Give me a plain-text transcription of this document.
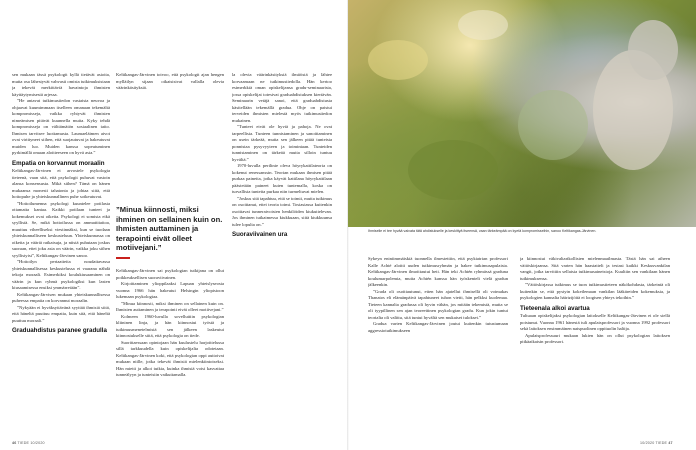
sen mukaan tässä psykologit kyllä tietävät asioita, mutta osa lähestyvät vahvasti omista tutkimuksistaan ja tekevät merkittäviä havaintoja ihmisten käyttäytymisestä arjessa.

”He antavat tutkimustiedon vastaista neuvoa ja ohjaavat kuumimmaan itselleen omanaan tekemältä kompromisseja, vaikka ryhtyvät ihmisten nimeämisen pitävät kuunnella muita. Kyky tehdä kompromisseja on välttämätön sosiaalinen taito. Ihmisen tarvitsee luottamusta. Laumaeläimen aivot ovat virittyneet siihen, että suojautuvat ja hakeutuvat muiden luo. Muiden kanssa sopeutuminen pyrkimällä omaan aloitteeseen on hyvä asia.”

Empatia on korvannut moraalin

Keltikangas-Järvinen ei arvostele psykologia tieteenä, vaan sitä, että psykologit puhuvat vastoin alansa konsensusta. Mikä siihen? Tämä on hänen mukaansa monesti tahatonta ja johtaa siitä, että hottopuhe ja yhteiskunnallinen puhe sotkeutuvat.

”Hottoilumenna psykologi kuuntelee potilasta ottamatta kantaa. Kaikki potilaan tunteet ja kokemukset ovat oikeita. Psykologi ei somista eikä syyllistä. Se, mikä hottoilussa on ammattitaitoa, muuttuu viheelliseksi viestinnäksi, kun se tuodaan yhteiskunnalliseen keskusteluun. Yhteiskunnassa on oikeita ja vääriä ratkaisuja, ja niistä puhutaan joskus suoraan, ettei joku asia on väärin, vaikka joku siihen syyllistyisi”, Keltikangas-Järvinen sanoo.

”Hottoilyn periaatteita noudattavassa yhteiskunnallisessa keskustelussa ei vaarana nähdä tekoja moraali. Esimerkiksi koulukiusaaminen on väärin ja kun ryhmä psykologiksi kun lasten kiusaamisessa ensiksi ymmärretään”.

Keltikangas-Järvisen mukaan yhteiskunnallisessa puheessa empatia on korvannut moraalin.

”Nykyään ei hyväksyttävänä syyttää ihmisiä siitä, että häneltä puuttuu empatia, kuin sitä, että häneltä puuttuu moraali.”

Graduahdistus paranee gradulla

la olevia väärinkäsityksiä ilmiöistä ja lähtee korvaamaan ne tutkimustiedolla. Hän kertoo esimerkkiä oman opiskelijansa gradu-seminaarista, jossa opiskelijat totesivat graduahdistuksen kiertävän. Seminaarin vetäjä sanoi, että graduahdistusta käsitellään tekemällä gradua. Ohje on paistui terveiden ihmisten mielestä myös tutkimustiedon mukainen.

”Tunteet eivät ole hyviä ja pahoja. Ne ovat tarpeellisia. Tunteen tunnistaminen ja sanoittaminen on usein tärkeää, mutta sen jälkeen pitää tunteista ponnistaa pysyvyyteen ja toimintaan. Tunteiden tunnistaminen on tärkeää mutta silloin tuntuu hyvältä.”

1970-luvulla perilinie oleva höyrykattilateoria on kokenut renessanssin. Teorian mukaan ihmisen pitää purkaa paineita, jotka käyvät kattilana höyrykattilaan päästetään paineet kuten tuntemalla, koska on turvallista tunteita purkaa niin turmeltuvat mielen.

”Joskus sitä tapahtuu, että se toimii, mutta tutkimus on osoittanut, ettei teoria toimi. Tosiasiassa kuitenkin osoittavat tunneraivoisten henkilöiden kiukuttelevan. Jos ihminen tutkaimessa kiukkuaan, siitä kiukkuunsa tulee lopulta on.”

Suoraviivainen ura

Keltikangas-Järvinen toivoo, että psykologit ajan hengen mylläilyn sijaan oikaisisivat vallalla olevia väärinkäsityksiä.

”Minua kiinnosti, miksi ihminen on sellainen kuin on. Ihmisten auttaminen ja terapointi eivät olleet motiivejani.”

Keltikangas-Järvinen sai psykologian tutkijana on ollut poikkeuksellisen suoraviivainen.

Kirjoittaminen ylioppilaaksi Lapuan yhteislyseosta vuonna 1966 hän hakeutui Helsingin yliopistoon lukemaan psykologiaa.

”Minua kiinnosti, miksi ihminen on sellainen kuin on. Ihmisten auttaminen ja terapointi eivät olleet motiivejani.”

Kolmeen 1960-luvulla sovelluttiin psykologian kliininen linja, ja hän kiinnostui työstä ja tutkimusmenetelmistä sen jälkeen laskeutui kiinnostukselle siitä, että psykologia on tiede.

Suorittaessaan opintojaan hän kuulustelu harjoittelussa sillä tarkkuudella kuin opiskelijalta odotetaan. Keltikangas-Järvinen koki, että psykologian oppi auttoivat mukaan niille, jotka tekevät ihmisiä mielenkiintoiseksi. Hän mietti ja alkoi tutkia, kuinka ihmisiä voisi kasvattaa tunneälyyn ja tunteisiin vaikuttamalla.

46 TIEDE 10/2020
Ihmiselle ei tee hyvää vaivata tätä ahdistukselle ja keskittyä itseensä, vaan tärkeämpää on kyetä kompromisseihin, sanoo Keltikangas-Järvinen.

Sykeyn eniniimmäiskiä tuonnella ilmestettiin, että psykiatrian professori Kalle Achté aloitti uuden tutkimusryhmän ja hakee tutkimusapulaista. Keltikangas-Järvinen ilmoittautui heti. Hän teki Achtén ryhmässä graduna koulumarpolemia, mutta Achtén kanssa hän työskenteli vielä gradun jälkeenkin.

”Grada oli osoittautunut, etten hän ajatellut ihmisellä oli voimakas Thanatos eli elämänpäivä tapahtuneet tuhon vietti, hän pelkksi kuolemaa. Tieteen kannalta gradussa oli hyvin vähän, jos mitään tekemistä, mutta se oli tyypillinen sen ajan teoreettinen psykologian gradu. Kun jokin tuntui teorialta oli valittu, sitä tuntui hyvältä sen mukaiset tulokset.”

Gradua varten Keltikangas-Järvinen joutui kuitenkin tutustumaan aggressiotutkimukseen

ja kiinnostui väkivaltarikollisten mielenmaailmasta. Tästä hän sai aiheen väitöskirjaansa. Sitä varten hän haastatteli ja testasi kaikki Keskusvankilan vangit, jotka tarvittiin sellaisia tutkimusaineistoja. Kuultiin sen vankilaan hänen tutkimuksensa.

”Väitöskirjassa tutkimus se tuon tutkimustieteen näkökohdasta, tärkeintä oli kuitenkin se, että pystyin kokeilemaan vankilan lääkäreiden kokemuksia, ja psykologien kannalta häirizijöitä ei loogisen yhteys tekoihin.”

Tieteenala alkoi avartua

Tultuaan opiskelijaksi psykologian laitokselle Keltikangas-Järvinen ei ole siellä poistunut. Vuonna 1961 hänestä tuli apulaisprofessori ja vuonna 1992 professori sekä laitoksen ensimmäinen naispuolinen oppituolin haltija.

Apulaisprofessuuri mukaan lukien hän on ollut psykologian laitoksen pitkäaikaisin professori.

10/2020 TIEDE 47
